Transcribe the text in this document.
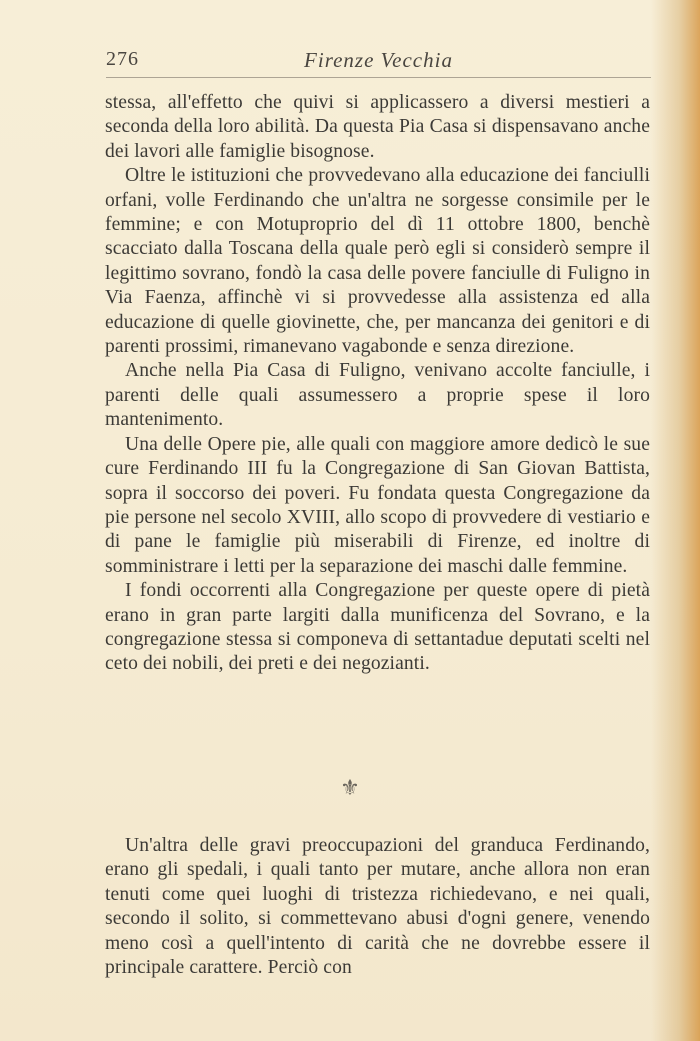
276	Firenze Vecchia

stessa, all'effetto che quivi si applicassero a diversi mestieri a seconda della loro abilità. Da questa Pia Casa si dispensavano anche dei lavori alle famiglie bisognose.

Oltre le istituzioni che provvedevano alla educazione dei fanciulli orfani, volle Ferdinando che un'altra ne sorgesse consimile per le femmine; e con Motuproprio del dì 11 ottobre 1800, benchè scacciato dalla Toscana della quale però egli si considerò sempre il legittimo sovrano, fondò la casa delle povere fanciulle di Fuligno in Via Faenza, affinchè vi si provvedesse alla assistenza ed alla educazione di quelle giovinette, che, per mancanza dei genitori e di parenti prossimi, rimanevano vagabonde e senza direzione.

Anche nella Pia Casa di Fuligno, venivano accolte fanciulle, i parenti delle quali assumessero a proprie spese il loro mantenimento.

Una delle Opere pie, alle quali con maggiore amore dedicò le sue cure Ferdinando III fu la Congregazione di San Giovan Battista, sopra il soccorso dei poveri. Fu fondata questa Congregazione da pie persone nel secolo XVIII, allo scopo di provvedere di vestiario e di pane le famiglie più miserabili di Firenze, ed inoltre di somministrare i letti per la separazione dei maschi dalle femmine.

I fondi occorrenti alla Congregazione per queste opere di pietà erano in gran parte largiti dalla munificenza del Sovrano, e la congregazione stessa si componeva di settantadue deputati scelti nel ceto dei nobili, dei preti e dei negozianti.

⚜

Un'altra delle gravi preoccupazioni del granduca Ferdinando, erano gli spedali, i quali tanto per mutare, anche allora non eran tenuti come quei luoghi di tristezza richiedevano, e nei quali, secondo il solito, si commettevano abusi d'ogni genere, venendo meno così a quell'intento di carità che ne dovrebbe essere il principale carattere. Perciò con
